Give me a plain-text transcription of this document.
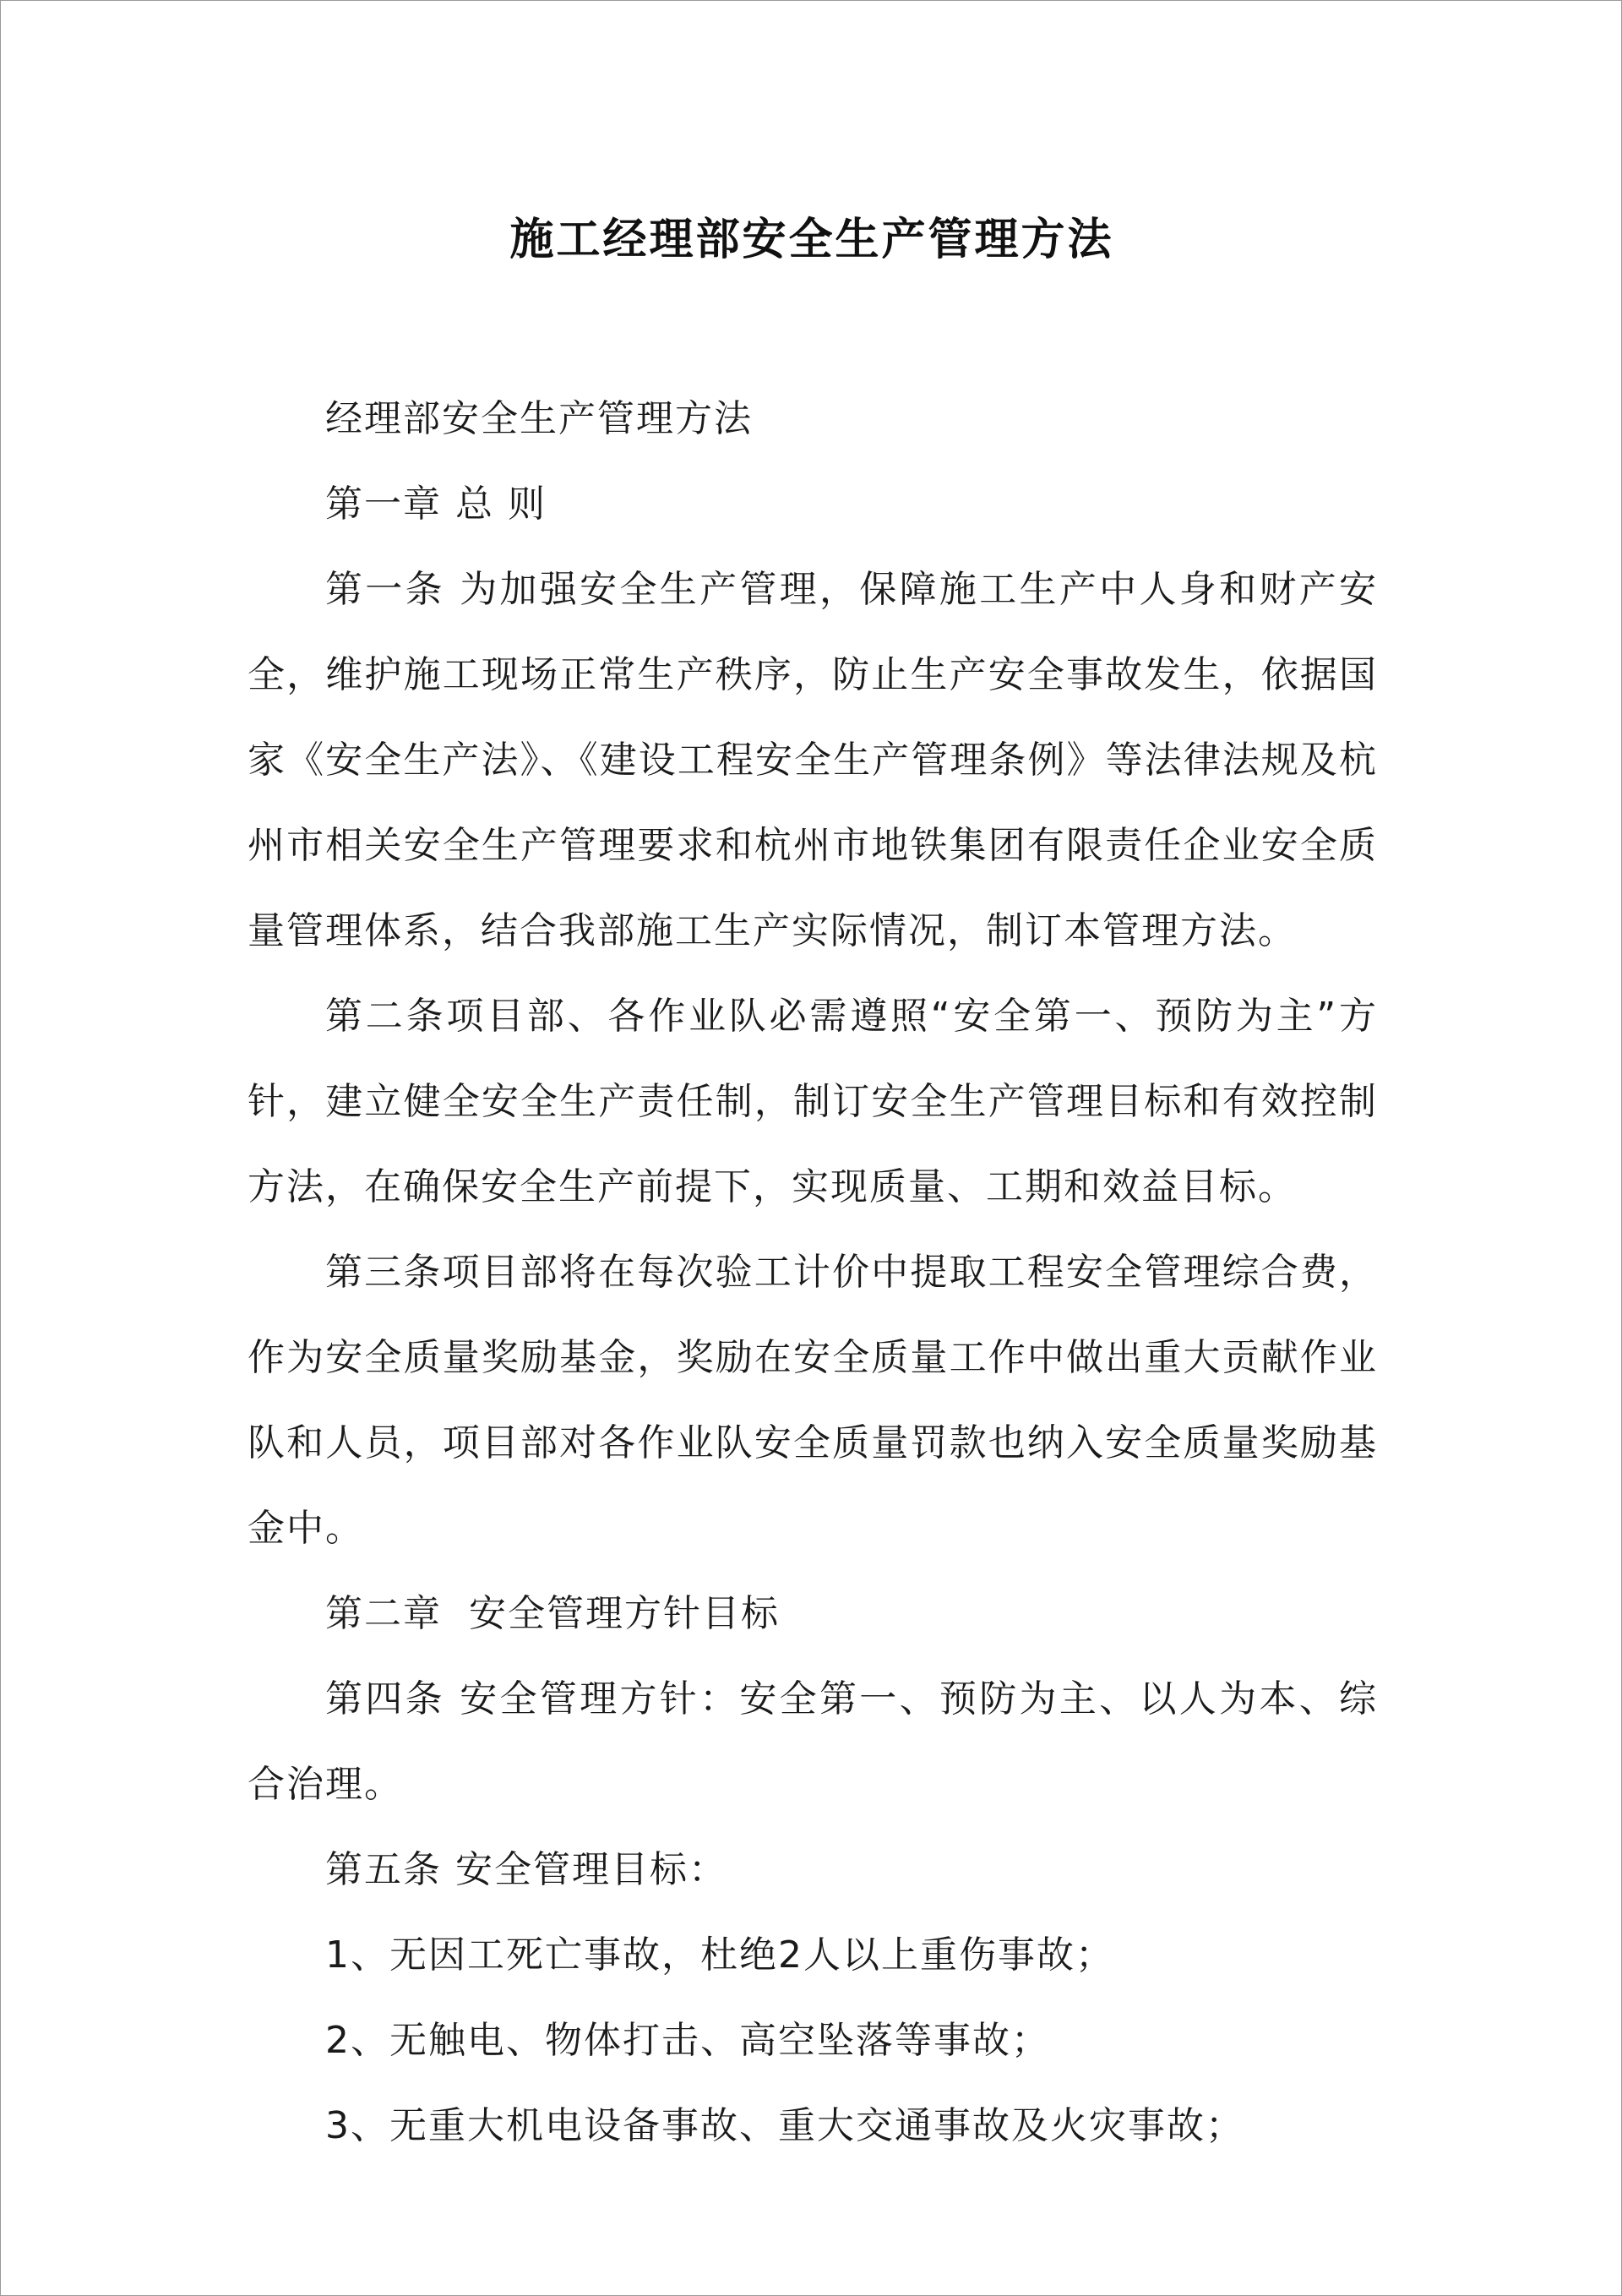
施工经理部安全生产管理方法

经理部安全生产管理方法

第一章 总 则

第一条 为加强安全生产管理，保障施工生产中人身和财产安全，维护施工现场正常生产秩序，防止生产安全事故发生，依据国家《安全生产法》、《建设工程安全生产管理条例》等法律法规及杭州市相关安全生产管理要求和杭州市地铁集团有限责任企业安全质量管理体系，结合我部施工生产实际情况，制订本管理方法。

第二条项目部、各作业队必需遵照“安全第一、预防为主”方针，建立健全安全生产责任制，制订安全生产管理目标和有效控制方法，在确保安全生产前提下，实现质量、工期和效益目标。

第三条项目部将在每次验工计价中提取工程安全管理综合费，作为安全质量奖励基金，奖励在安全质量工作中做出重大贡献作业队和人员，项目部对各作业队安全质量罚款也纳入安全质量奖励基金中。

第二章  安全管理方针目标

第四条 安全管理方针：安全第一、预防为主、以人为本、综合治理。

第五条 安全管理目标：

1、无因工死亡事故，杜绝2人以上重伤事故；

2、无触电、物体打击、高空坠落等事故；

3、无重大机电设备事故、重大交通事故及火灾事故；
